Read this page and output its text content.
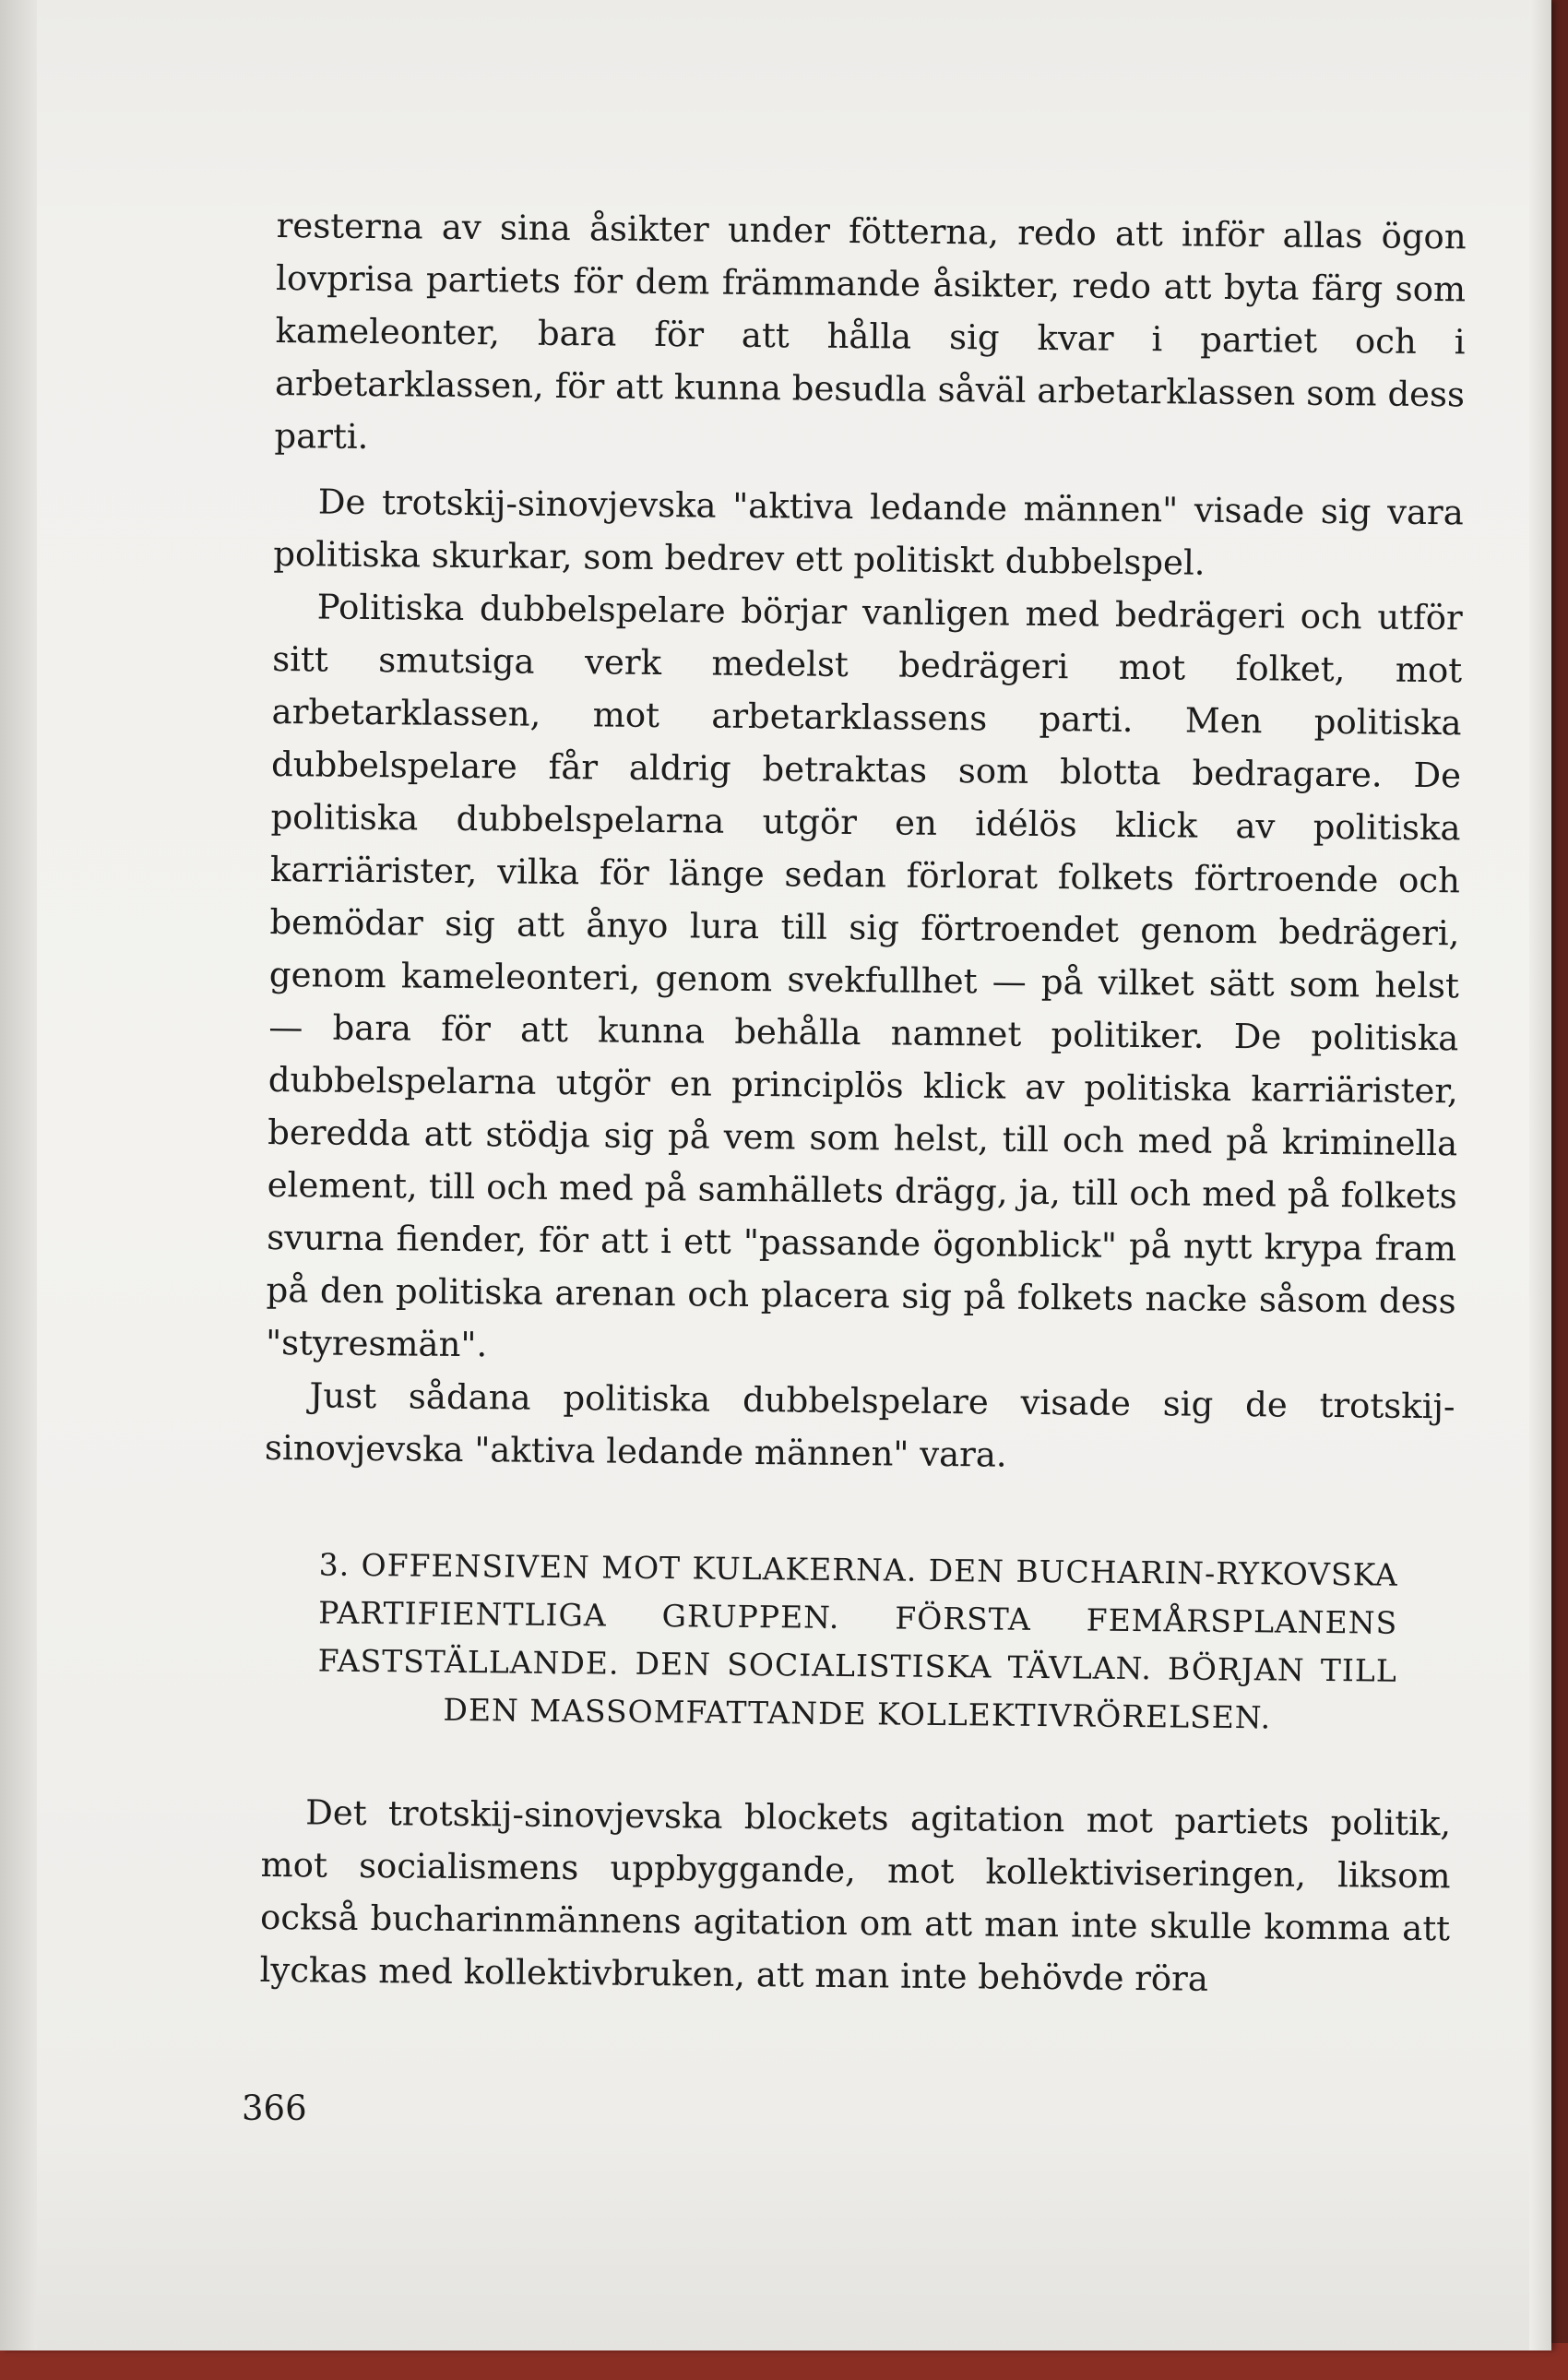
resterna av sina åsikter under fötterna, redo att inför allas ögon lovprisa partiets för dem främmande åsikter, redo att byta färg som kameleonter, bara för att hålla sig kvar i partiet och i arbetarklassen, för att kunna besudla såväl arbetarklassen som dess parti.

De trotskij-sinovjevska "aktiva ledande männen" visade sig vara politiska skurkar, som bedrev ett politiskt dubbelspel.

Politiska dubbelspelare börjar vanligen med bedrägeri och utför sitt smutsiga verk medelst bedrägeri mot folket, mot arbetarklassen, mot arbetarklassens parti. Men politiska dubbelspelare får aldrig betraktas som blotta bedragare. De politiska dubbelspelarna utgör en idélös klick av politiska karriärister, vilka för länge sedan förlorat folkets förtroende och bemödar sig att ånyo lura till sig förtroendet genom bedrägeri, genom kameleonteri, genom svekfullhet — på vilket sätt som helst — bara för att kunna behålla namnet politiker. De politiska dubbelspelarna utgör en principlös klick av politiska karriärister, beredda att stödja sig på vem som helst, till och med på kriminella element, till och med på samhällets drägg, ja, till och med på folkets svurna fiender, för att i ett "passande ögonblick" på nytt krypa fram på den politiska arenan och placera sig på folkets nacke såsom dess "styresmän".

Just sådana politiska dubbelspelare visade sig de trotskij-sinovjevska "aktiva ledande männen" vara.

3. OFFENSIVEN MOT KULAKERNA. DEN BUCHARIN-RYKOVSKA PARTIFIENTLIGA GRUPPEN. FÖRSTA FEMÅRSPLANENS FASTSTÄLLANDE. DEN SOCIALISTISKA TÄVLAN. BÖRJAN TILL DEN MASSOMFATTANDE KOLLEKTIVRÖRELSEN.

Det trotskij-sinovjevska blockets agitation mot partiets politik, mot socialismens uppbyggande, mot kollektiviseringen, liksom också bucharinmännens agitation om att man inte skulle komma att lyckas med kollektivbruken, att man inte behövde röra

366
